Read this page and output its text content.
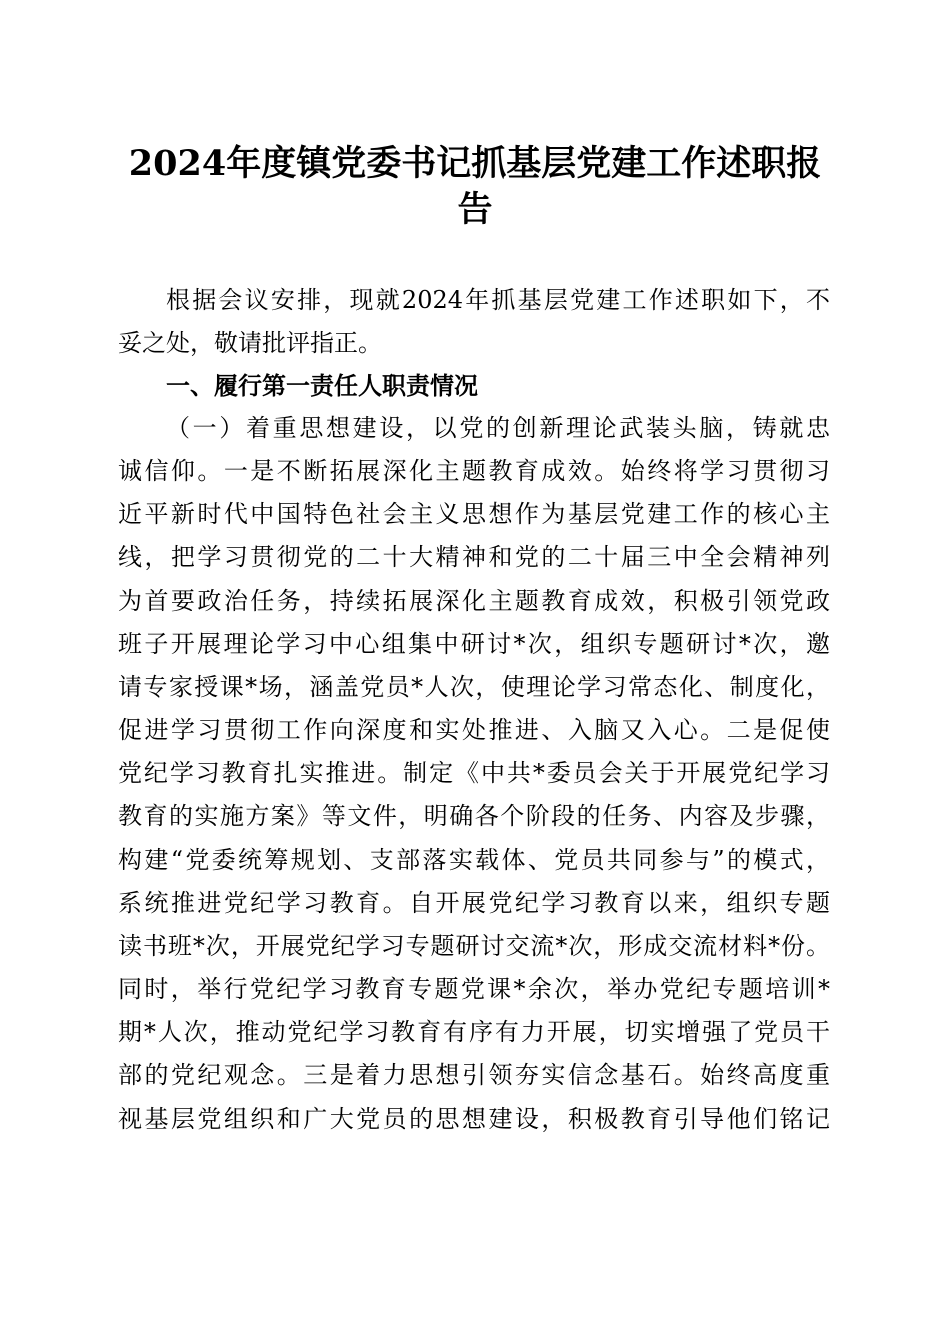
2024年度镇党委书记抓基层党建工作述职报
告

根据会议安排，现就2024年抓基层党建工作述职如下，不

妥之处，敬请批评指正。

一、履行第一责任人职责情况

（一）着重思想建设，以党的创新理论武装头脑，铸就忠

诚信仰。一是不断拓展深化主题教育成效。始终将学习贯彻习

近平新时代中国特色社会主义思想作为基层党建工作的核心主

线，把学习贯彻党的二十大精神和党的二十届三中全会精神列

为首要政治任务，持续拓展深化主题教育成效，积极引领党政

班子开展理论学习中心组集中研讨*次，组织专题研讨*次，邀

请专家授课*场，涵盖党员*人次，使理论学习常态化、制度化，

促进学习贯彻工作向深度和实处推进、入脑又入心。二是促使

党纪学习教育扎实推进。制定《中共*委员会关于开展党纪学习

教育的实施方案》等文件，明确各个阶段的任务、内容及步骤，

构建“党委统筹规划、支部落实载体、党员共同参与”的模式，

系统推进党纪学习教育。自开展党纪学习教育以来，组织专题

读书班*次，开展党纪学习专题研讨交流*次，形成交流材料*份。

同时，举行党纪学习教育专题党课*余次，举办党纪专题培训*

期*人次，推动党纪学习教育有序有力开展，切实增强了党员干

部的党纪观念。三是着力思想引领夯实信念基石。始终高度重

视基层党组织和广大党员的思想建设，积极教育引导他们铭记
